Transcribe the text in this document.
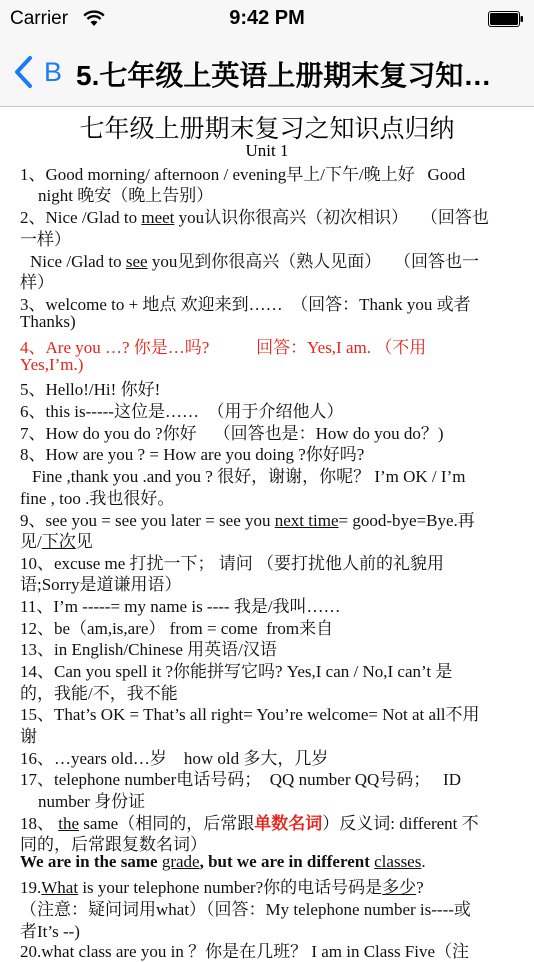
Carrier	9:42 PM
B 5.七年级上英语上册期末复习知…
七年级上册期末复习之知识点归纳
Unit 1
1、Good morning/ afternoon / evening早上/下午/晚上好   Good
night 晚安（晚上告别）
2、Nice /Glad to meet you认识你很高兴（初次相识）   （回答也
一样）
Nice /Glad to see you见到你很高兴（熟人见面）   （回答也一
样）
3、welcome to + 地点 欢迎来到……  （回答：Thank you 或者
Thanks)
4、Are you …? 你是…吗?           回答：Yes,I am. （不用
Yes,I’m.)
5、Hello!/Hi! 你好!
6、this is-----这位是……  （用于介绍他人）
7、How do you do ?你好    （回答也是：How do you do？)
8、How are you ? = How are you doing ?你好吗?
Fine ,thank you .and you ? 很好，谢谢，你呢？ I’m OK / I’m
fine , too .我也很好。
9、see you = see you later = see you next time= good-bye=Bye.再
见/下次见
10、excuse me 打扰一下； 请问 （要打扰他人前的礼貌用
语;Sorry是道谦用语）
11、I’m -----= my name is ---- 我是/我叫……
12、be（am,is,are） from = come  from来自
13、in English/Chinese 用英语/汉语
14、Can you spell it ?你能拼写它吗? Yes,I can / No,I can’t 是
的，我能/不，我不能
15、That’s OK = That’s all right= You’re welcome= Not at all不用
谢
16、…years old…岁    how old 多大，几岁
17、telephone number电话号码；  QQ number QQ号码；   ID
number 身份证
18、 the same（相同的，后常跟单数名词）反义词: different 不
同的，后常跟复数名词）
We are in the same grade, but we are in different classes.
19.What is your telephone number?你的电话号码是多少?
（注意：疑问词用what）（回答：My telephone number is----或
者It’s --)
20.what class are you in ？你是在几班？ I am in Class Five（注
